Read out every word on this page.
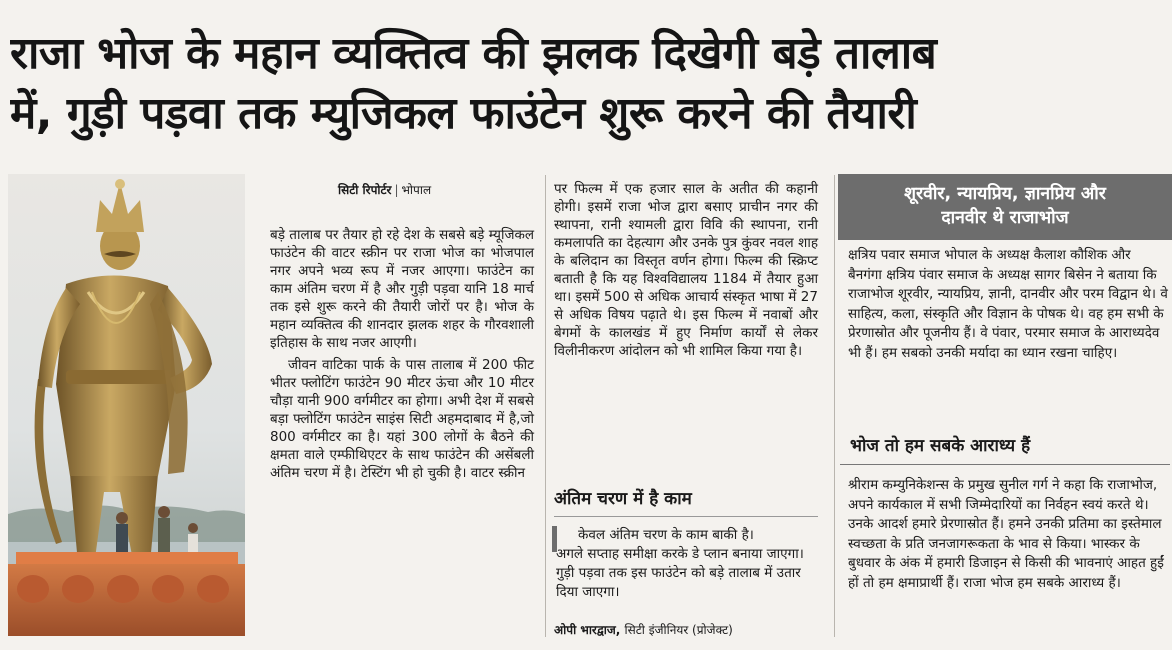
राजा भोज के महान व्यक्तित्व की झलक दिखेगी बड़े तालाब
में, गुड़ी पड़वा तक म्युजिकल फाउंटेन शुरू करने की तैयारी
सिटी रिपोर्टर | भोपाल

बड़े तालाब पर तैयार हो रहे देश के सबसे बड़े म्यूजिकल फाउंटेन की वाटर स्क्रीन पर राजा भोज का भोजपाल नगर अपने भव्य रूप में नजर आएगा। फाउंटेन का काम अंतिम चरण में है और गुड़ी पड़वा यानि 18 मार्च तक इसे शुरू करने की तैयारी जोरों पर है। भोज के महान व्यक्तित्व की शानदार झलक शहर के गौरवशाली इतिहास के साथ नजर आएगी।

जीवन वाटिका पार्क के पास तालाब में 200 फीट भीतर फ्लोटिंग फाउंटेन 90 मीटर ऊंचा और 10 मीटर चौड़ा यानी 900 वर्गमीटर का होगा। अभी देश में सबसे बड़ा फ्लोटिंग फाउंटेन साइंस सिटी अहमदाबाद में है,जो 800 वर्गमीटर का है। यहां 300 लोगों के बैठने की क्षमता वाले एम्फीथिएटर के साथ फाउंटेन की असेंबली अंतिम चरण में है। टेस्टिंग भी हो चुकी है। वाटर स्क्रीन

पर फिल्म में एक हजार साल के अतीत की कहानी होगी। इसमें राजा भोज द्वारा बसाए प्राचीन नगर की स्थापना, रानी श्यामली द्वारा विवि की स्थापना, रानी कमलापति का देहत्याग और उनके पुत्र कुंवर नवल शाह के बलिदान का विस्तृत वर्णन होगा। फिल्म की स्क्रिप्ट बताती है कि यह विश्वविद्यालय 1184 में तैयार हुआ था। इसमें 500 से अधिक आचार्य संस्कृत भाषा में 27 से अधिक विषय पढ़ाते थे। इस फिल्म में नवाबों और बेगमों के कालखंड में हुए निर्माण कार्यों से लेकर विलीनीकरण आंदोलन को भी शामिल किया गया है।

अंतिम चरण में है काम
केवल अंतिम चरण के काम बाकी है।
अगले सप्ताह समीक्षा करके डे प्लान बनाया जाएगा। गुड़ी पड़वा तक इस फाउंटेन को बड़े तालाब में उतार दिया जाएगा।
ओपी भारद्वाज, सिटी इंजीनियर (प्रोजेक्ट)
शूरवीर, न्यायप्रिय, ज्ञानप्रिय और
दानवीर थे राजाभोज
क्षत्रिय पवार समाज भोपाल के अध्यक्ष कैलाश कौशिक और बैनगंगा क्षत्रिय पंवार समाज के अध्यक्ष सागर बिसेन ने बताया कि राजाभोज शूरवीर, न्यायप्रिय, ज्ञानी, दानवीर और परम विद्वान थे। वे साहित्य, कला, संस्कृति और विज्ञान के पोषक थे। वह हम सभी के प्रेरणास्रोत और पूजनीय हैं। वे पंवार, परमार समाज के आराध्यदेव भी हैं। हम सबको उनकी मर्यादा का ध्यान रखना चाहिए।
भोज तो हम सबके आराध्य हैं
श्रीराम कम्युनिकेशन्स के प्रमुख सुनील गर्ग ने कहा कि राजाभोज, अपने कार्यकाल में सभी जिम्मेदारियों का निर्वहन स्वयं करते थे। उनके आदर्श हमारे प्रेरणास्रोत हैं। हमने उनकी प्रतिमा का इस्तेमाल स्वच्छता के प्रति जनजागरूकता के भाव से किया। भास्कर के बुधवार के अंक में हमारी डिजाइन से किसी की भावनाएं आहत हुईं हों तो हम क्षमाप्रार्थी हैं। राजा भोज हम सबके आराध्य हैं।
